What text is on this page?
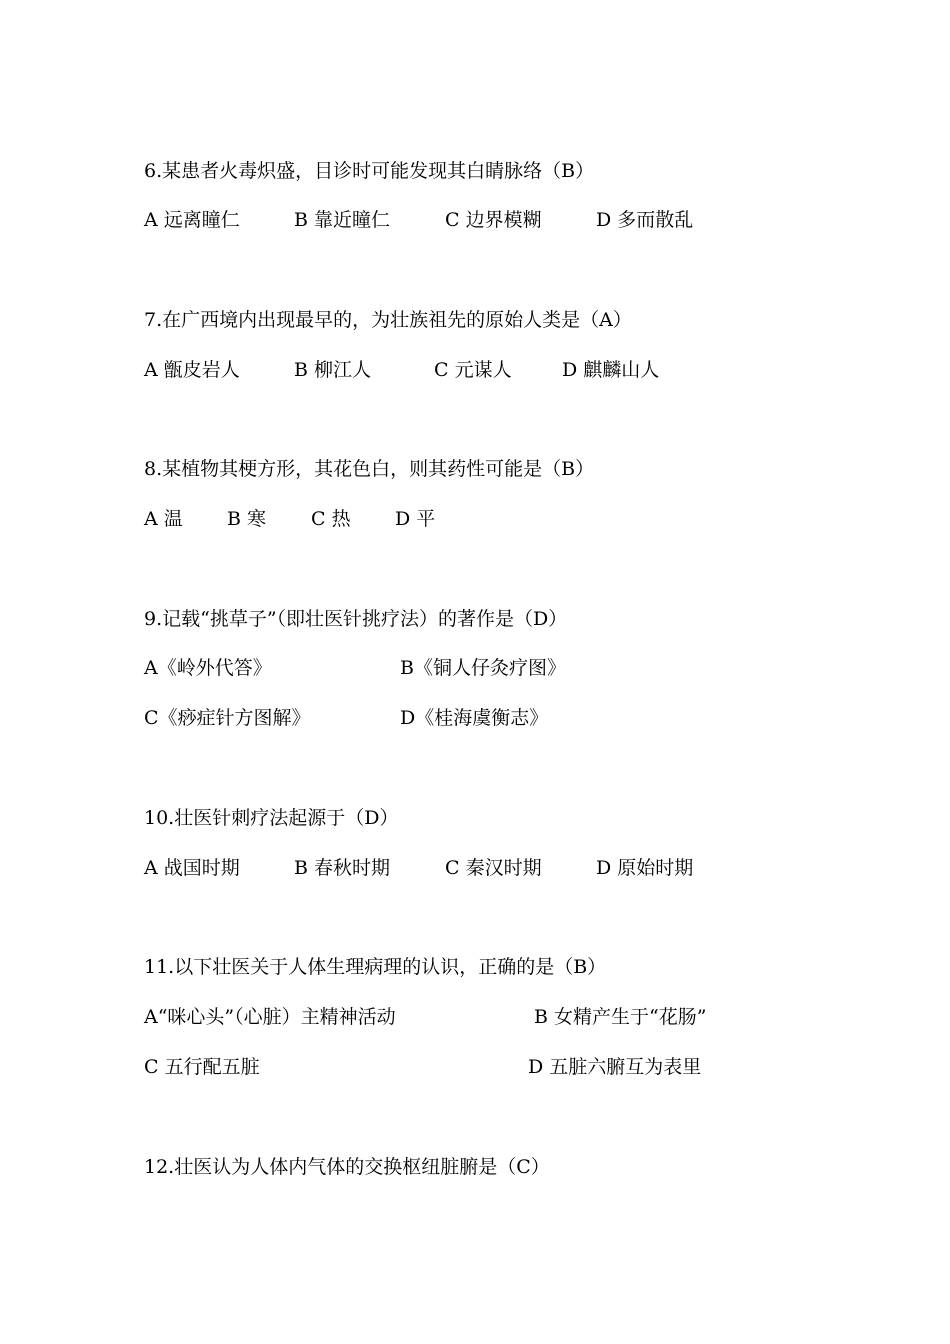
6.某患者火毒炽盛，目诊时可能发现其白睛脉络（B）
A 远离瞳仁	B 靠近瞳仁	C 边界模糊	D 多而散乱
7.在广西境内出现最早的，为壮族祖先的原始人类是（A）
A 甑皮岩人	B 柳江人	C 元谋人	D 麒麟山人
8.某植物其梗方形，其花色白，则其药性可能是（B）
A 温 B 寒 C 热 D 平
9.记载“挑草子”（即壮医针挑疗法）的著作是（D）
A《岭外代答》	B《铜人仔灸疗图》
C《痧症针方图解》	D《桂海虞衡志》
10.壮医针刺疗法起源于（D）
A 战国时期	B 春秋时期	C 秦汉时期	D 原始时期
11.以下壮医关于人体生理病理的认识，正确的是（B）
A“咪心头”（心脏）主精神活动	B 女精产生于“花肠”
C 五行配五脏	D 五脏六腑互为表里
12.壮医认为人体内气体的交换枢纽脏腑是（C）
